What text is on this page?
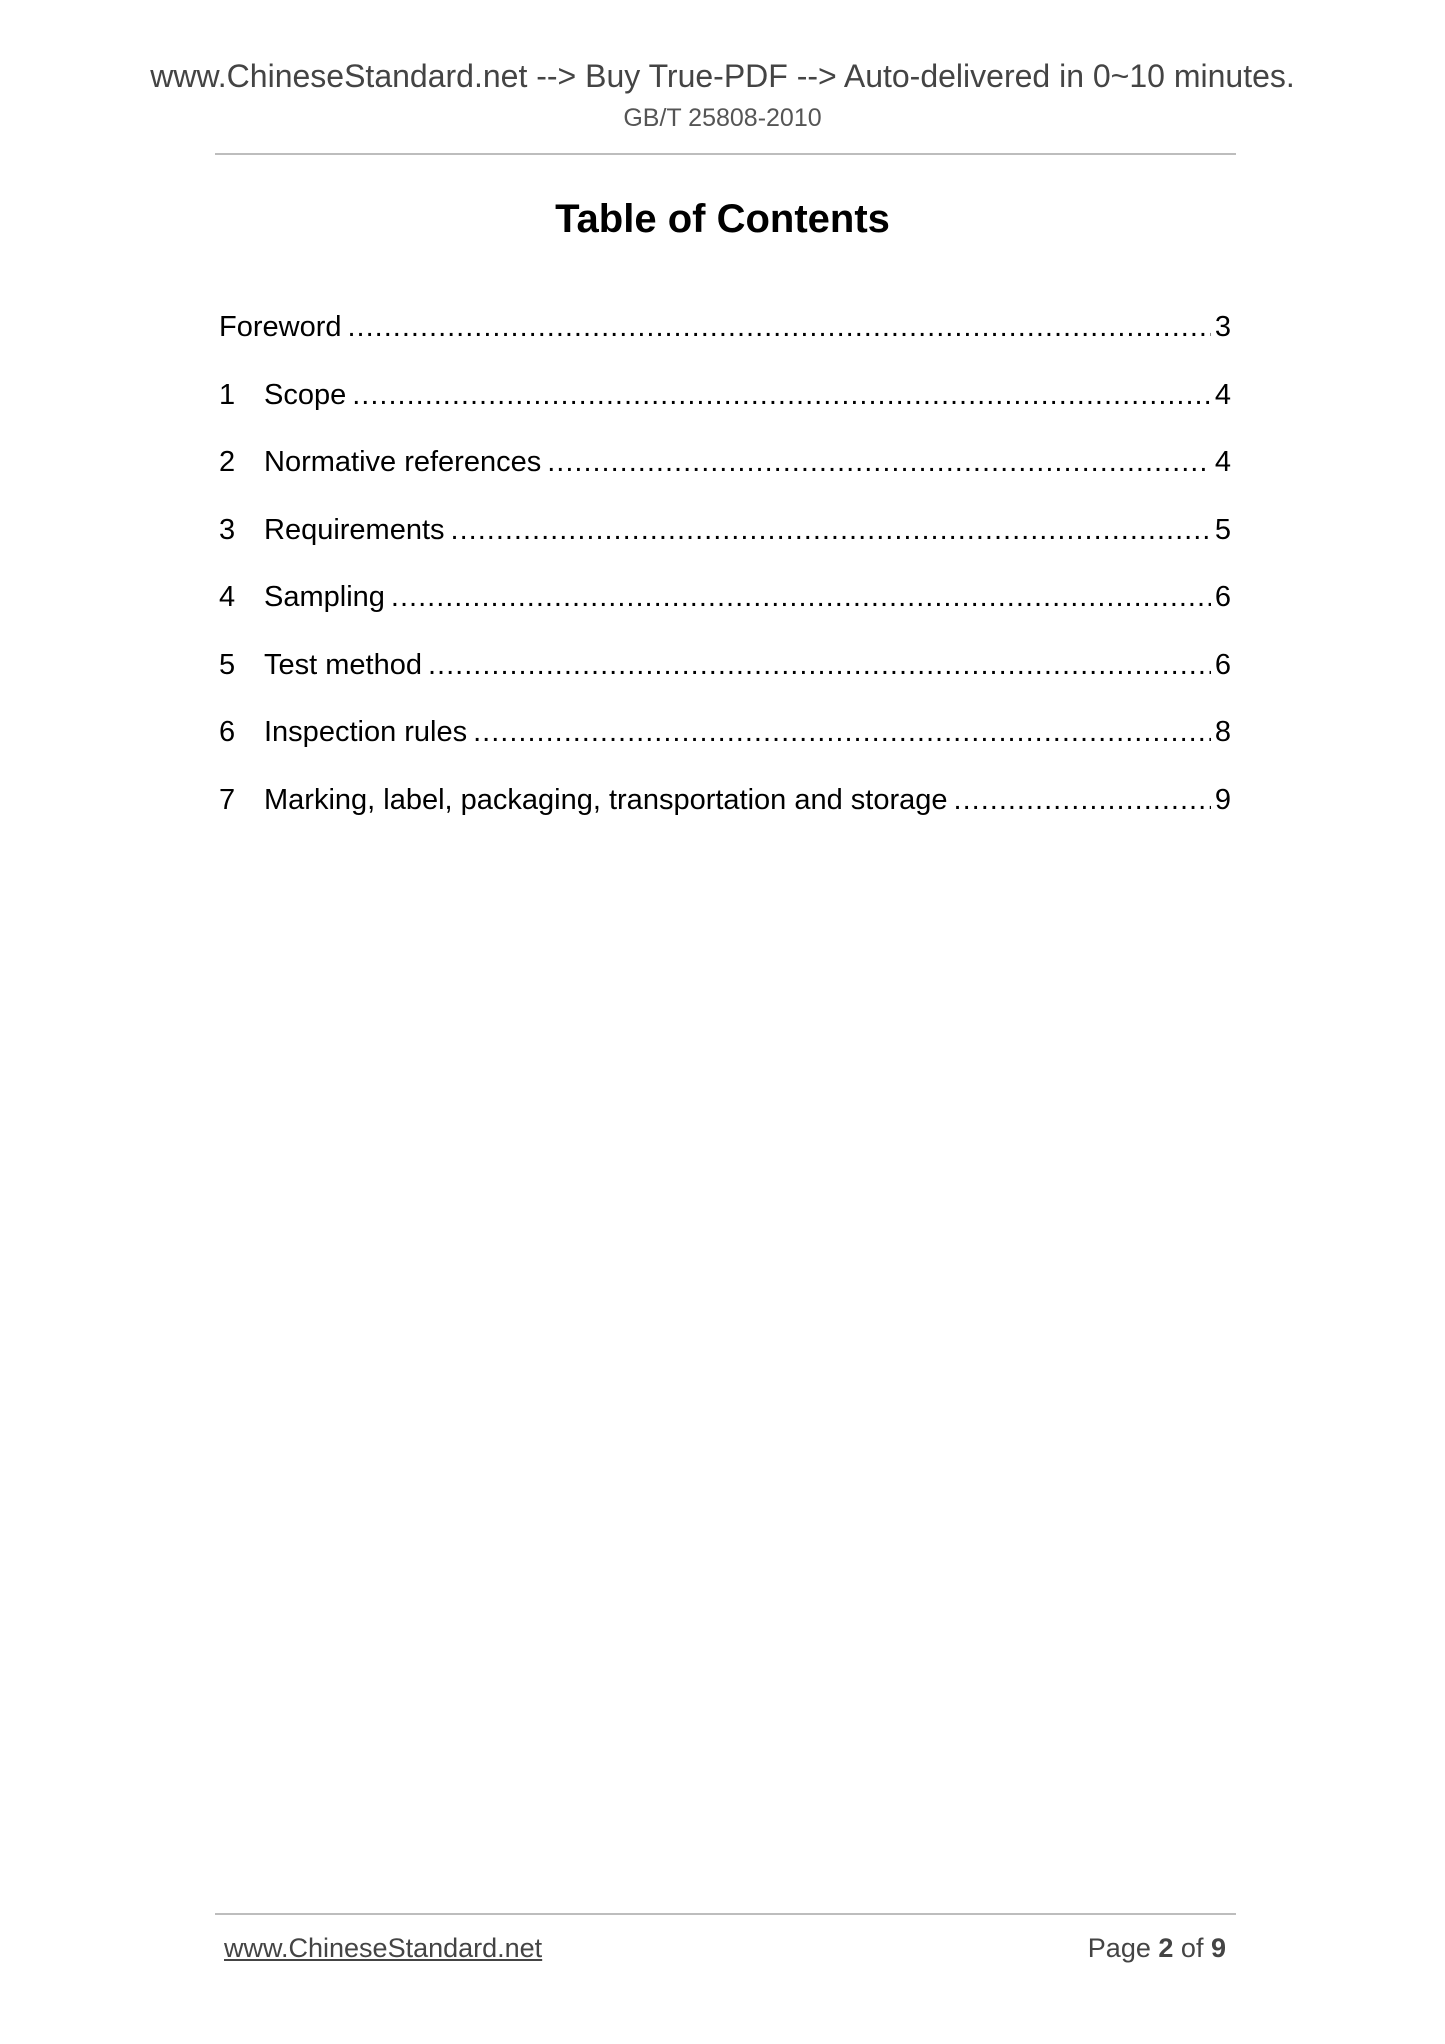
www.ChineseStandard.net --> Buy True-PDF --> Auto-delivered in 0~10 minutes.
GB/T 25808-2010
Table of Contents
Foreword .....	3
1 Scope .....	4
2 Normative references .....	4
3 Requirements .....	5
4 Sampling .....	6
5 Test method .....	6
6 Inspection rules .....	8
7 Marking, label, packaging, transportation and storage .....	9
www.ChineseStandard.net	Page 2 of 9
